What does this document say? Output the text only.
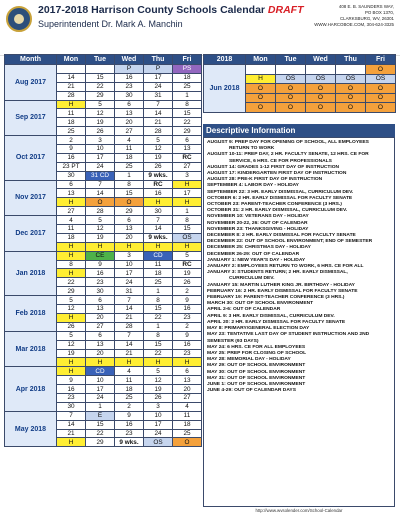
2017-2018 Harrison County Schools Calendar DRAFT
Superintendent Dr. Mark A. Manchin
408 E. B. SAUNDERS WAY,
PO BOX 1370,
CLARKSBURG, WV, 26301
WWW.HARCOBOE.COM, 304-624-3325
Month	Mon	Tue	Wed	Thu	Fri
Aug 2017			P	P	PS
	14	15	16	17	18
	21	22	23	24	25
	28	29	30	31	1
Sep 2017	H	5	6	7	8
	11	12	13	14	15
	18	19	20	21	22
	25	26	27	28	29
Oct 2017	2	3	4	5	6
	9	10	11	12	13
	16	17	18	19	RC
	23 PT	24	25	26	27
	30	31 CD	1	9 wks.	3
Nov 2017	6	7	8	RC	H
	13	14	15	16	17
	H	O	O	H	H
	27	28	29	30	1
Dec 2017	4	5	6	7	8
	11	12	13	14	15
	18	19	20	9 wks.	OS
	H	H	H	H	H
Jan 2018	H	CE	3	CD	5
	8	9	10	11	RC
	H	16	17	18	19
	22	23	24	25	26
	29	30	31	1	2
Feb 2018	5	6	7	8	9
	12	13	14	15	16
	H	20	21	22	23
	26	27	28	1	2
Mar 2018	5	6	7	8	9
	12	13	14	15	16
	19	20	21	22	23
	H	H	H	H	H
Apr 2018	H	CD	4	5	6
	9	10	11	12	13
	16	17	18	19	20
	23	24	25	26	27
	30	1	2	3	4
May 2018	7	E	9	10	11
	14	15	16	17	18
	21	22	23	24	25
	H	29	9 wks.	OS	O
2018	Mon	Tue	Wed	Thu	Fri
Jun 2018					O
	H	OS	OS	OS	OS
	O	O	O	O	O
	O	O	O	O	O
	O	O	O	O	O
Descriptive Information
AUGUST 9: PREP DAY FOR OPENING OF SCHOOL, ALL EMPLOYEES
RETURN TO WORK
AUGUST 10-11: PREP DAY, 2 HR. FACULTY SENATE, 12 HRS. CE FOR
SERVICE, 6 HRS. CE FOR PROFESSIONALS
AUGUST 14: GRADES 1-12 FIRST DAY OF INSTRUCTION
AUGUST 17: KINDERGARTEN FIRST DAY OF INSTRUCTION
AUGUST 28: PRE-K FIRST DAY OF INSTRUCTION
SEPTEMBER 4: LABOR DAY - HOLIDAY
SEPTEMBER 22: 3 HR. EARLY DISMISSAL, CURRICULUM DEV.
OCTOBER 6: 2 HR. EARLY DISMISSAL FOR FACULTY SENATE
OCTOBER 23: PARENT-TEACHER CONFERENCE (3 HRS.)
OCTOBER 31: 2 HR. EARLY DISMISSAL, CURRICULUM DEV.
NOVEMBER 10: VETERANS DAY - HOLIDAY
NOVEMBER 20-22, 26: OUT OF CALENDAR
NOVEMBER 23: THANKSGIVING - HOLIDAY
DECEMBER 8: 2 HR. EARLY DISMISSAL FOR FACULTY SENATE
DECEMBER 22: OUT OF SCHOOL ENVIRONMENT; END OF SEMESTER
DECEMBER 25: CHRISTMAS DAY - HOLIDAY
DECEMBER 26-29: OUT OF CALENDAR
JANUARY 1: NEW YEAR'S DAY - HOLIDAY
JANUARY 2: EMPLOYEES RETURN TO WORK, 6 HRS. CE FOR ALL
JANUARY 3: STUDENTS RETURN; 2 HR. EARLY DISMISSAL,
CURRICULUM DEV.
JANUARY 15: MARTIN LUTHER KING JR. BIRTHDAY - HOLIDAY
FEBRUARY 16: 2 HR. EARLY DISMISSAL FOR FACULTY SENATE
FEBRUARY 19: PARENT-TEACHER CONFERENCE (3 HRS.)
MARCH 30: OUT OF SCHOOL ENVIRONMENT
APRIL 2-6: OUT OF CALENDAR
APRIL 9: 3 HR. EARLY DISMISSAL, CURRICULUM DEV.
APRIL 20: 2 HR. EARLY DISMISSAL FOR FACULTY SENATE
MAY 8: PRIMARY/GENERAL ELECTION DAY
MAY 23: TENTATIVE LAST DAY OF STUDENT INSTRUCTION AND 2ND
SEMESTER (93 DAYS)
MAY 24: 6 HRS. CE FOR ALL EMPLOYEES
MAY 25: PREP FOR CLOSING OF SCHOOL
MAY 28: MEMORIAL DAY - HOLIDAY
MAY 29: OUT OF SCHOOL ENVIRONMENT
MAY 30: OUT OF SCHOOL ENVIRONMENT
MAY 31: OUT OF SCHOOL ENVIRONMENT
JUNE 1: OUT OF SCHOOL ENVIRONMENT
JUNE 4-29: OUT OF CALENDAR DAYS
http://www.wvsolender.com/School-Calendar
